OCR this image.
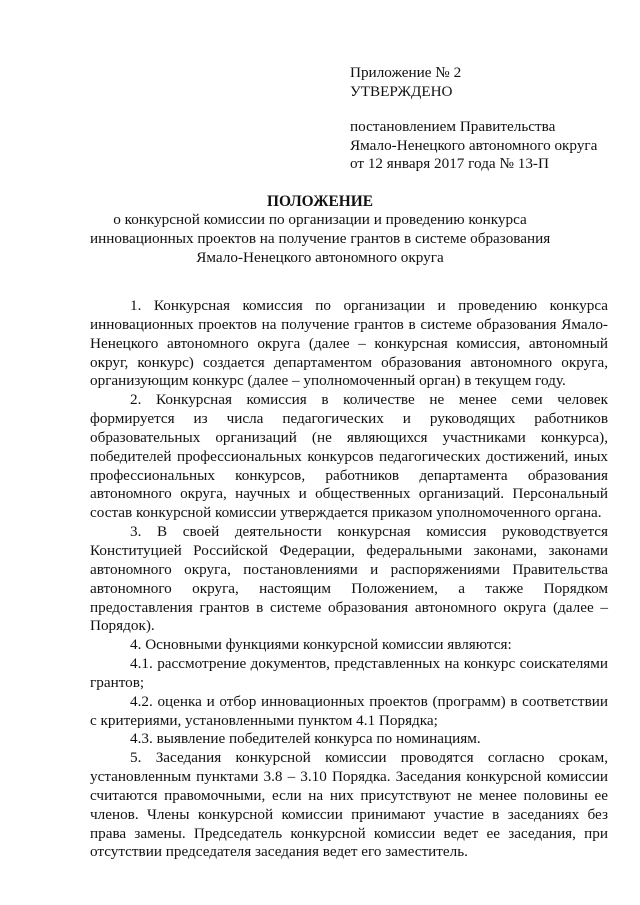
Приложение № 2
УТВЕРЖДЕНО
постановлением Правительства
Ямало-Ненецкого автономного округа
от 12 января 2017 года № 13-П
ПОЛОЖЕНИЕ
о конкурсной комиссии по организации и проведению конкурса
инновационных проектов на получение грантов в системе образования
Ямало-Ненецкого автономного округа

1. Конкурсная комиссия по организации и проведению конкурса инновационных проектов на получение грантов в системе образования Ямало-Ненецкого автономного округа (далее – конкурсная комиссия, автономный округ, конкурс) создается департаментом образования автономного округа, организующим конкурс (далее – уполномоченный орган) в текущем году.

2. Конкурсная комиссия в количестве не менее семи человек формируется из числа педагогических и руководящих работников образовательных организаций (не являющихся участниками конкурса), победителей профессиональных конкурсов педагогических достижений, иных профессиональных конкурсов, работников департамента образования автономного округа, научных и общественных организаций. Персональный состав конкурсной комиссии утверждается приказом уполномоченного органа.

3. В своей деятельности конкурсная комиссия руководствуется Конституцией Российской Федерации, федеральными законами, законами автономного округа, постановлениями и распоряжениями Правительства автономного округа, настоящим Положением, а также Порядком предоставления грантов в системе образования автономного округа (далее – Порядок).

4. Основными функциями конкурсной комиссии являются:

4.1. рассмотрение документов, представленных на конкурс соискателями грантов;

4.2. оценка и отбор инновационных проектов (программ) в соответствии с критериями, установленными пунктом 4.1 Порядка;

4.3. выявление победителей конкурса по номинациям.

5. Заседания конкурсной комиссии проводятся согласно срокам, установленным пунктами 3.8 – 3.10 Порядка. Заседания конкурсной комиссии считаются правомочными, если на них присутствуют не менее половины ее членов. Члены конкурсной комиссии принимают участие в заседаниях без права замены. Председатель конкурсной комиссии ведет ее заседания, при отсутствии председателя заседания ведет его заместитель.
